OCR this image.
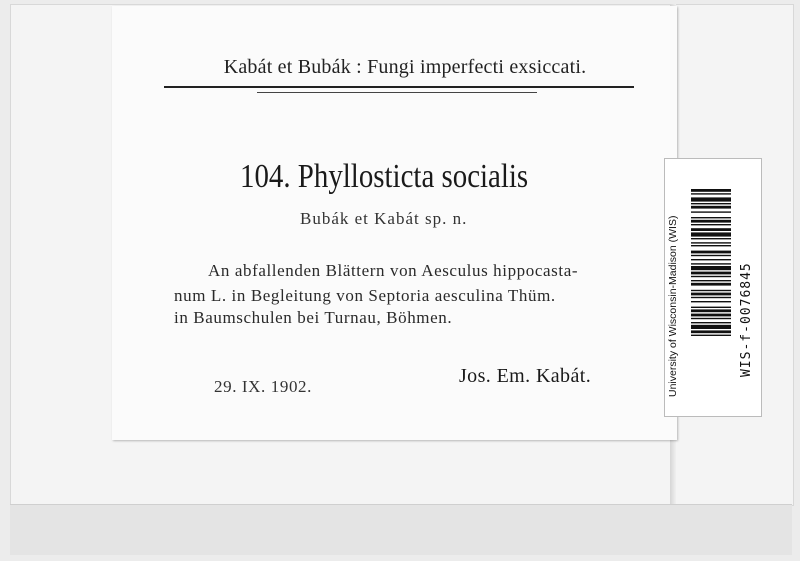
Kabát et Bubák : Fungi imperfecti exsiccati.
104. Phyllosticta socialis
Bubák et Kabát sp. n.
An abfallenden Blättern von Aesculus hippocasta-
num L. in Begleitung von Septoria aesculina Thüm.
in Baumschulen bei Turnau, Böhmen.
29. IX. 1902.	Jos. Em. Kabát.	University of Wisconsin-Madison (WIS)	WIS-f-0076845
